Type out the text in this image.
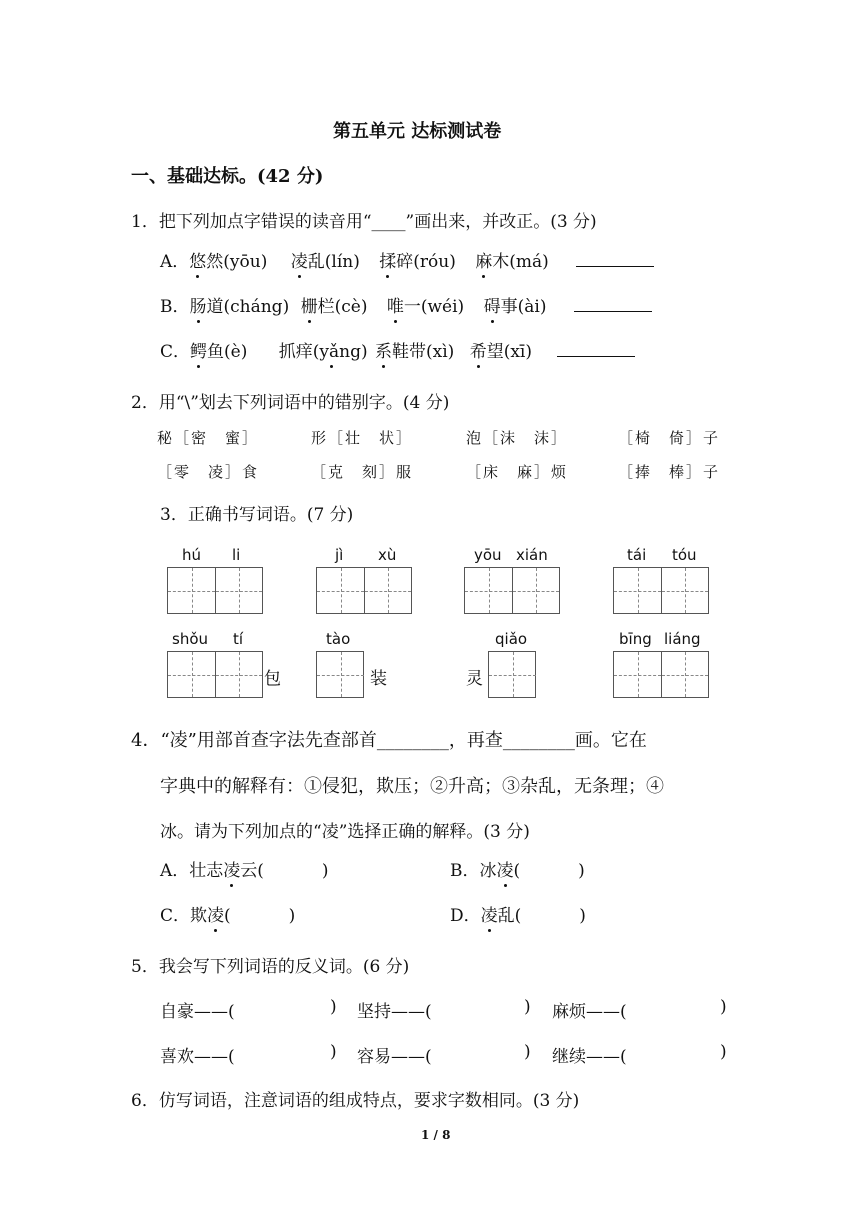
第五单元 达标测试卷
一、基础达标。(42 分)
1．把下列加点字错误的读音用“____”画出来，并改正。(3 分)
A．悠然(yōu) 凌乱(lín) 揉碎(róu) 麻木(má)
B．肠道(cháng) 栅栏(cè) 唯一(wéi) 碍事(ài)
C．鳄鱼(è) 抓痒(yǎng) 系鞋带(xì) 希望(xī)
2．用“\”划去下列词语中的错别字。(4 分)
秘［密　蜜］	形［壮　状］	泡［沫　沫］	［椅　倚］子
［零　凌］食	［克　刻］服	［床　麻］烦	［捧　棒］子
3．正确书写词语。(7 分)
hú li	jì xù	yōu xián	tái tóu
shǒu tí	tào	qiǎo	bīng liáng
包	装	灵
4．“凌”用部首查字法先查部首________，再查________画。它在
字典中的解释有：①侵犯，欺压；②升高；③杂乱，无条理；④
冰。请为下列加点的“凌”选择正确的解释。(3 分)
A．壮志凌云(	)	B．冰凌(	)
C．欺凌(	)	D．凌乱(	)
5．我会写下列词语的反义词。(6 分)
自豪——(	) 坚持——(	) 麻烦——(	)
喜欢——(	) 容易——(	) 继续——(	)
6．仿写词语，注意词语的组成特点，要求字数相同。(3 分)
1 / 8
